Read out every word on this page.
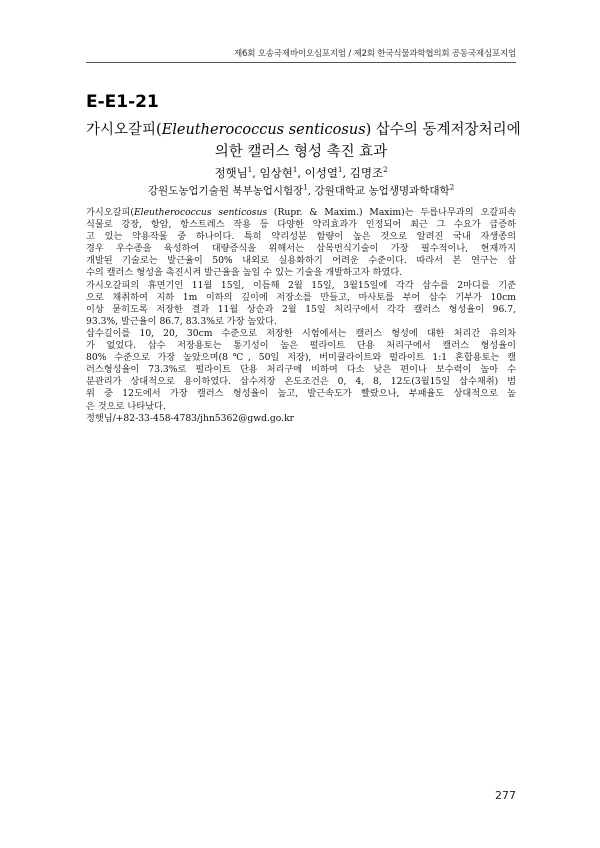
제6회 오송국제바이오심포지엄 / 제2회 한국식물과학협의회 공동국제심포지엄
E-E1-21
가시오갈피(Eleutherococcus senticosus) 삽수의 동계저장처리에
의한 캘러스 형성 촉진 효과
정햇님$^1$, 임상현$^1$, 이성열$^1$, 김명조$^2$
강원도농업기술원 북부농업시험장$^1$, 강원대학교 농업생명과학대학$^2$
가시오갈피(Eleutherococcus senticosus (Rupr. & Maxim.) Maxim)는 두릅나무과의 오갈피속
식물로 강장, 항암, 항스트레스 작용 등 다양한 약리효과가 인정되어 최근 그 수요가 급증하
고 있는 약용작물 중 하나이다. 특히 약리성분 함량이 높은 것으로 알려진 국내 자생종의
경우 우수종을 육성하여 대량증식을 위해서는 삽목번식기술이 가장 필수적이나, 현재까지
개발된 기술로는 발근율이 50% 내외로 실용화하기 어려운 수준이다. 따라서 본 연구는 삽
수의 캘러스 형성을 촉진시켜 발근율을 높일 수 있는 기술을 개발하고자 하였다.
가시오갈피의 휴면기인 11월 15일, 이듬해 2월 15일, 3월15일에 각각 삽수를 2마디를 기준
으로 채취하여 지하 1m 이하의 깊이에 저장소를 만들고, 마사토를 부어 삽수 기부가 10cm
이상 묻히도록 저장한 결과 11월 상순과 2월 15일 처리구에서 각각 캘러스 형성율이 96.7,
93.3%, 발근율이 86.7, 83.3%로 가장 높았다.
삽수길이를 10, 20, 30cm 수준으로 저장한 시험에서는 캘러스 형성에 대한 처리간 유의차
가 없었다. 삽수 저장용토는 통기성이 높은 펄라이트 단용 처리구에서 캘러스 형성율이
80% 수준으로 가장 높았으며(8℃, 50일 저장), 버미큘라이트와 펄라이트 1:1 혼합용토는 캘
러스형성율이 73.3%로 펄라이트 단용 처리구에 비하여 다소 낮은 편이나 보수력이 높아 수
분관리가 상대적으로 용이하였다. 삽수저장 온도조건은 0, 4, 8, 12도(3월15일 삽수채취) 범
위 중 12도에서 가장 캘러스 형성율이 높고, 발근속도가 빨랐으나, 부패율도 상대적으로 높
은 것으로 나타났다.
정햇님/+82-33-458-4783/jhn5362@gwd.go.kr
277
